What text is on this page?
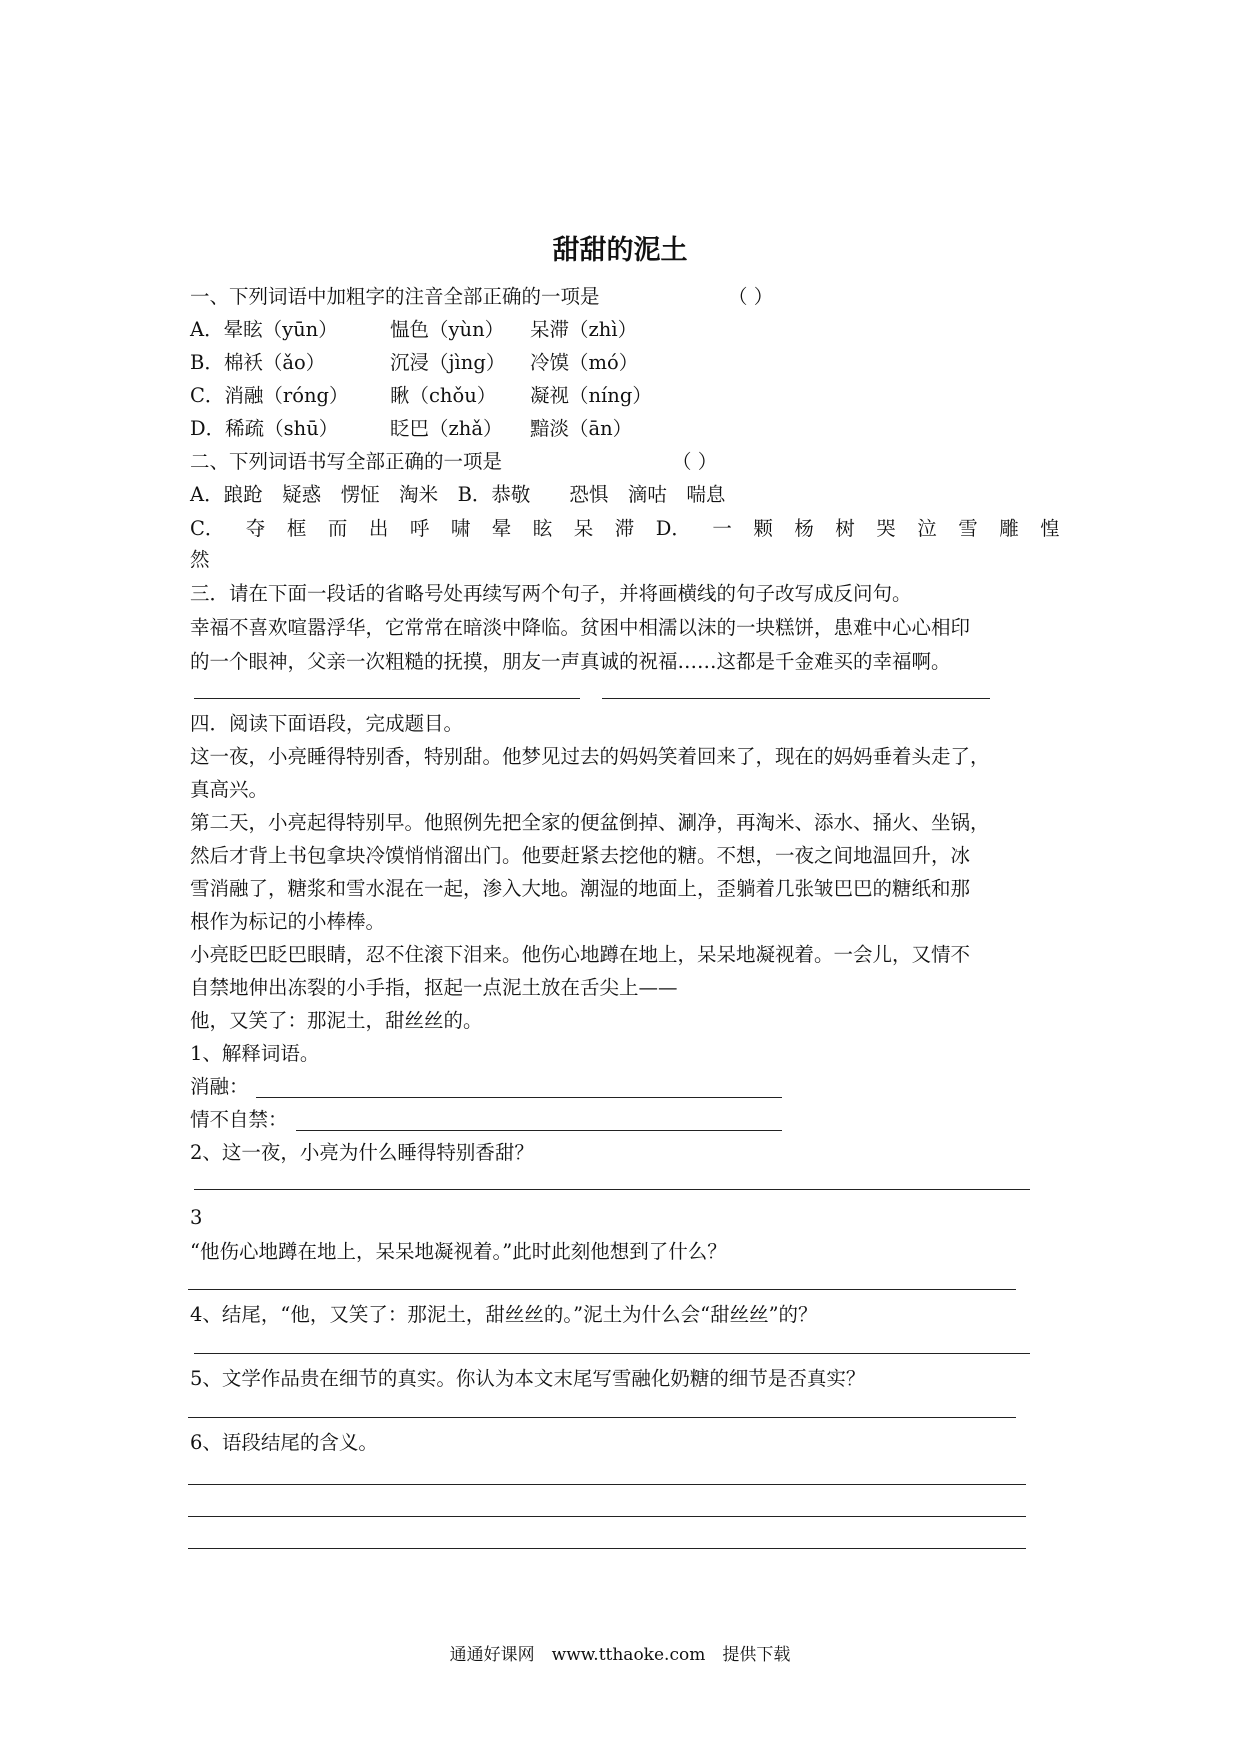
甜甜的泥土
一、下列词语中加粗字的注音全部正确的一项是	（ ）
A．晕眩（yūn）	愠色（yùn） 呆滞（zhì）
B．棉袄（ǎo）	沉浸（jìng） 冷馍（mó）
C．消融（róng） 瞅（chǒu） 凝视（níng）
D．稀疏（shū）	眨巴（zhǎ） 黯淡（ān）
二、下列词语书写全部正确的一项是	（ ）
A．踉跄　疑惑　愣怔　淘米　B．恭敬　　恐惧　滴咕　喘息
C． 夺 框 而 出 呼 啸 晕 眩 呆 滞 D． 一 颗 杨 树 哭 泣 雪 雕 惶
然
三．请在下面一段话的省略号处再续写两个句子，并将画横线的句子改写成反问句。
幸福不喜欢喧嚣浮华，它常常在暗淡中降临。贫困中相濡以沫的一块糕饼，患难中心心相印
的一个眼神，父亲一次粗糙的抚摸，朋友一声真诚的祝福……这都是千金难买的幸福啊。
四．阅读下面语段，完成题目。
这一夜，小亮睡得特别香，特别甜。他梦见过去的妈妈笑着回来了，现在的妈妈垂着头走了，
真高兴。
第二天，小亮起得特别早。他照例先把全家的便盆倒掉、涮净，再淘米、添水、捅火、坐锅，
然后才背上书包拿块冷馍悄悄溜出门。他要赶紧去挖他的糖。不想，一夜之间地温回升，冰
雪消融了，糖浆和雪水混在一起，渗入大地。潮湿的地面上，歪躺着几张皱巴巴的糖纸和那
根作为标记的小棒棒。
小亮眨巴眨巴眼睛，忍不住滚下泪来。他伤心地蹲在地上，呆呆地凝视着。一会儿，又情不
自禁地伸出冻裂的小手指，抠起一点泥土放在舌尖上——
他，又笑了：那泥土，甜丝丝的。
1、解释词语。
消融：
情不自禁：
2、这一夜，小亮为什么睡得特别香甜？
3
“他伤心地蹲在地上，呆呆地凝视着。”此时此刻他想到了什么？
4、结尾，“他，又笑了：那泥土，甜丝丝的。”泥土为什么会“甜丝丝”的？
5、文学作品贵在细节的真实。你认为本文末尾写雪融化奶糖的细节是否真实？
6、语段结尾的含义。
通通好课网　www.tthaoke.com　提供下载
